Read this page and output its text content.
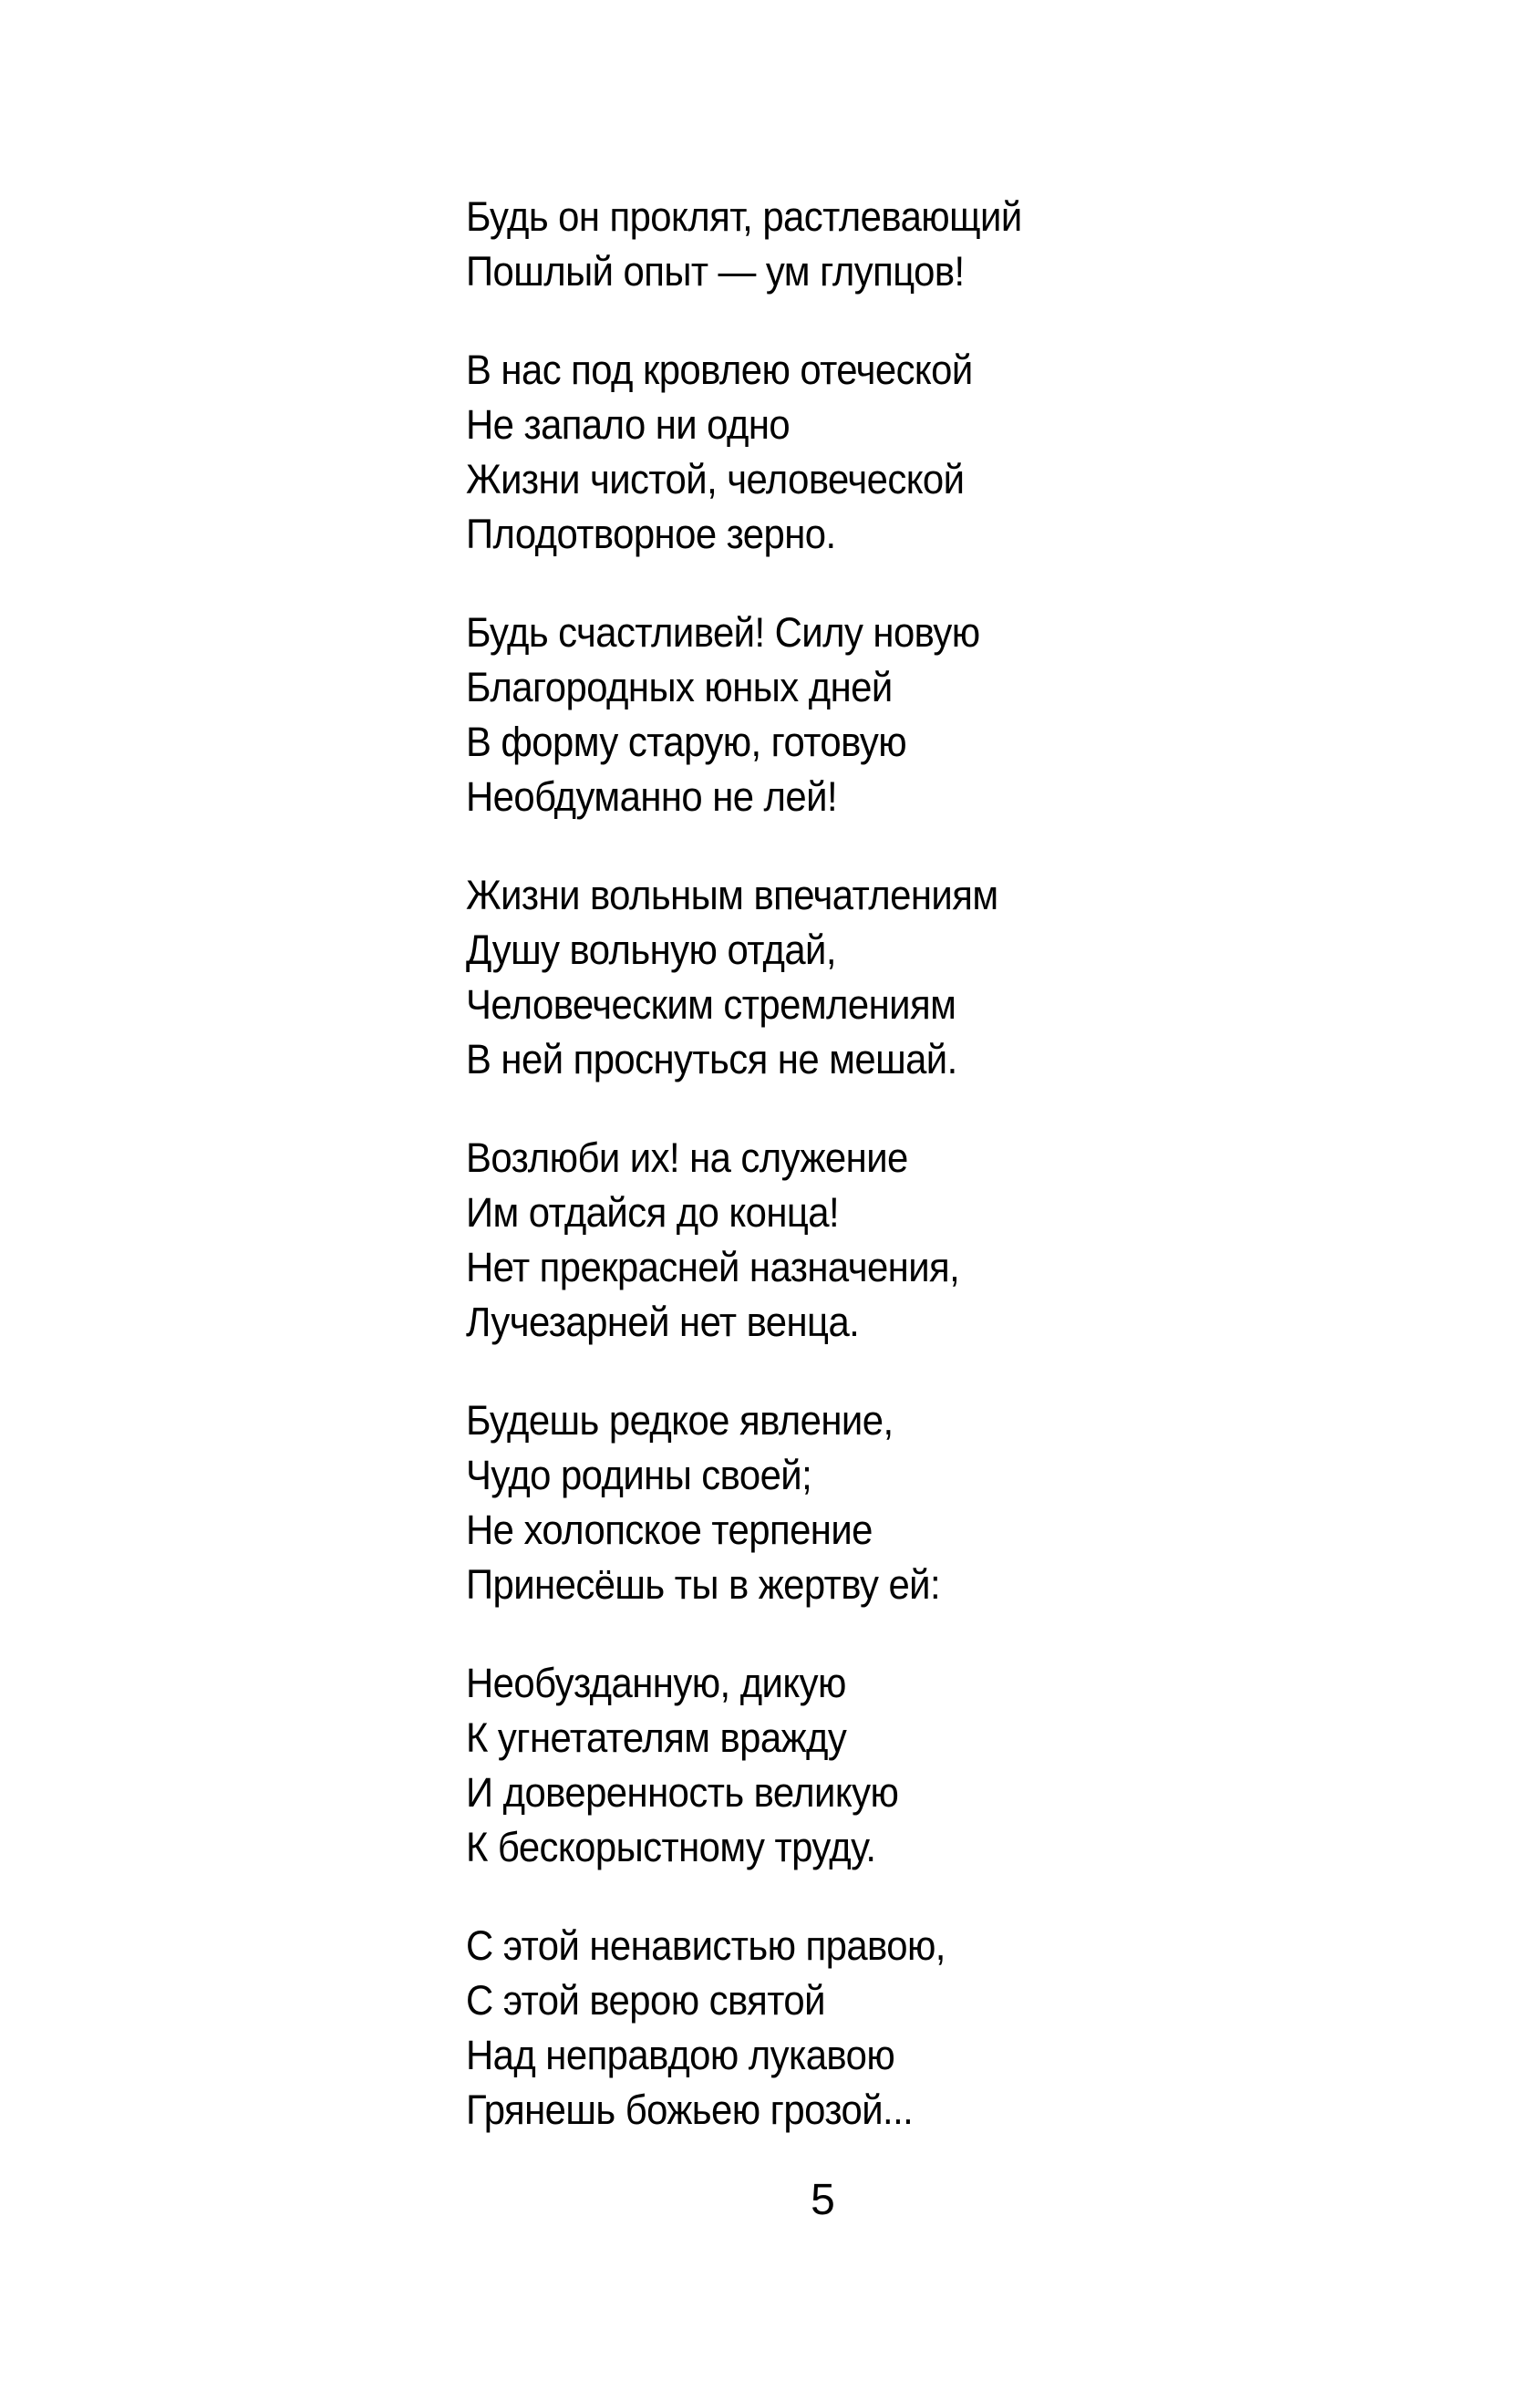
Будь он проклят, растлевающий
Пошлый опыт — ум глупцов!
В нас под кровлею отеческой
Не запало ни одно
Жизни чистой, человеческой
Плодотворное зерно.
Будь счастливей! Силу новую
Благородных юных дней
В форму старую, готовую
Необдуманно не лей!
Жизни вольным впечатлениям
Душу вольную отдай,
Человеческим стремлениям
В ней проснуться не мешай.
Возлюби их! на служение
Им отдайся до конца!
Нет прекрасней назначения,
Лучезарней нет венца.
Будешь редкое явление,
Чудо родины своей;
Не холопское терпение
Принесёшь ты в жертву ей:
Необузданную, дикую
К угнетателям вражду
И доверенность великую
К бескорыстному труду.
С этой ненавистью правою,
С этой верою святой
Над неправдою лукавою
Грянешь божьею грозой...
5
